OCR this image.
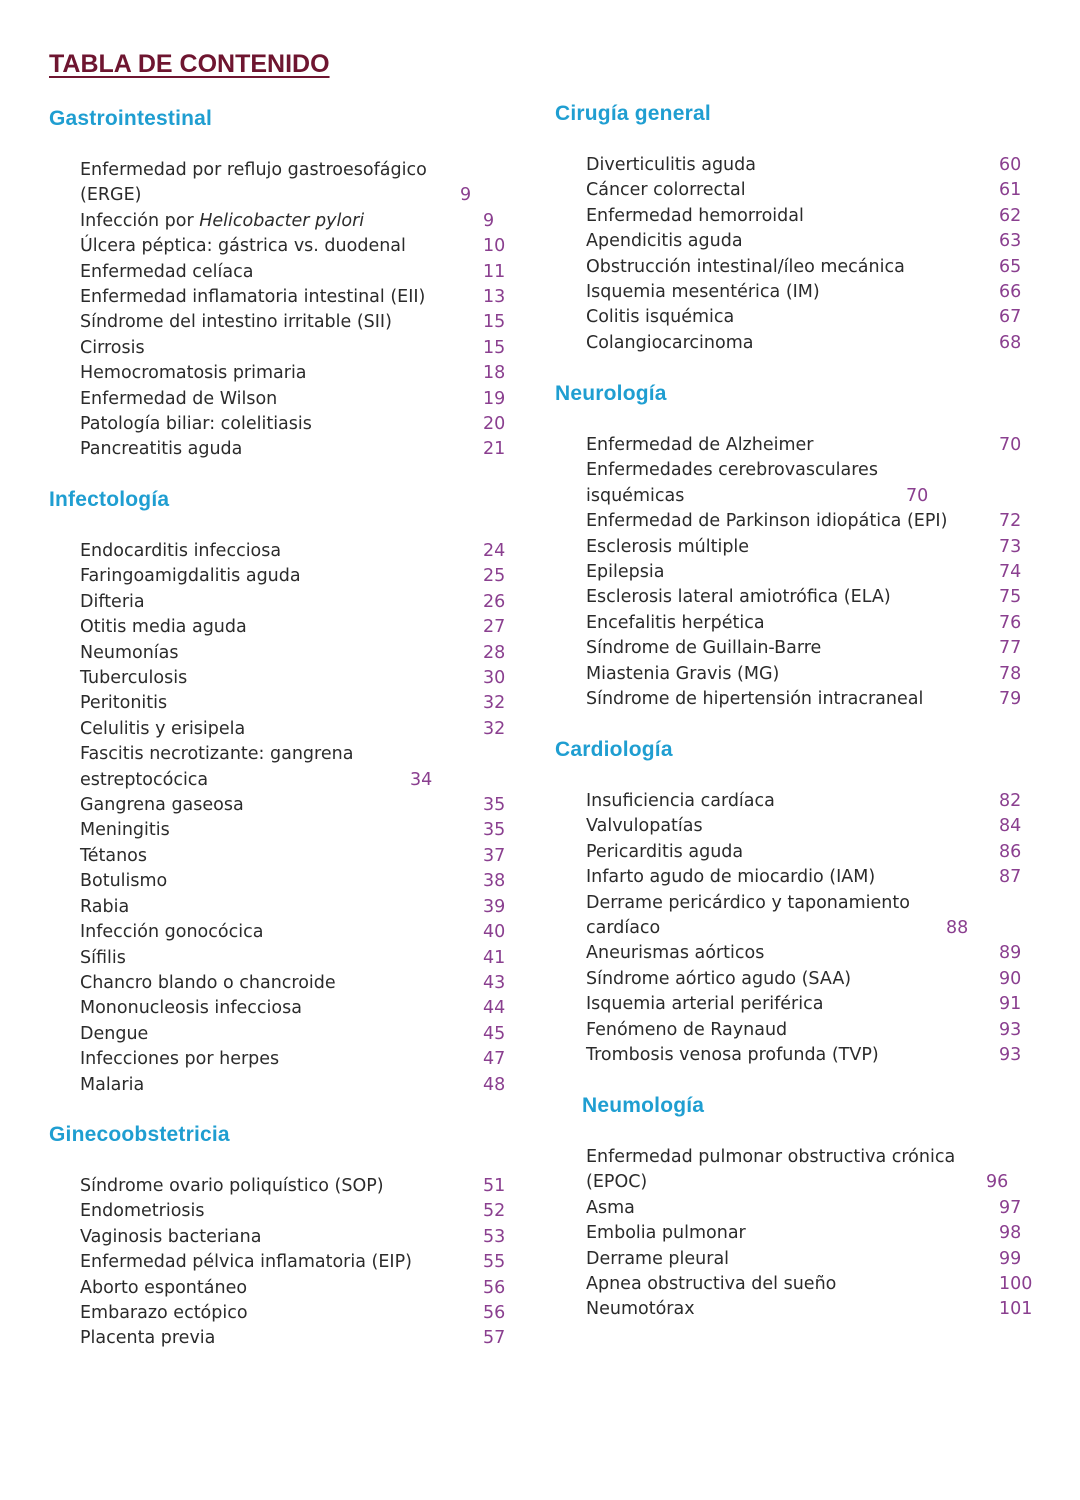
TABLA DE CONTENIDO
Gastrointestinal
Enfermedad por reflujo gastroesofágico (ERGE)	9
Infección por Helicobacter pylori	9
Úlcera péptica: gástrica vs. duodenal	10
Enfermedad celíaca	11
Enfermedad inflamatoria intestinal (EII)	13
Síndrome del intestino irritable (SII)	15
Cirrosis	15
Hemocromatosis primaria	18
Enfermedad de Wilson	19
Patología biliar: colelitiasis	20
Pancreatitis aguda	21
Infectología
Endocarditis infecciosa	24
Faringoamigdalitis aguda	25
Difteria	26
Otitis media aguda	27
Neumonías	28
Tuberculosis	30
Peritonitis	32
Celulitis y erisipela	32
Fascitis necrotizante: gangrena estreptocócica	34
Gangrena gaseosa	35
Meningitis	35
Tétanos	37
Botulismo	38
Rabia	39
Infección gonocócica	40
Sífilis	41
Chancro blando o chancroide	43
Mononucleosis infecciosa	44
Dengue	45
Infecciones por herpes	47
Malaria	48
Ginecoobstetricia
Síndrome ovario poliquístico (SOP)	51
Endometriosis	52
Vaginosis bacteriana	53
Enfermedad pélvica inflamatoria (EIP)	55
Aborto espontáneo	56
Embarazo ectópico	56
Placenta previa	57
Cirugía general
Diverticulitis aguda	60
Cáncer colorrectal	61
Enfermedad hemorroidal	62
Apendicitis aguda	63
Obstrucción intestinal/íleo mecánica	65
Isquemia mesentérica (IM)	66
Colitis isquémica	67
Colangiocarcinoma	68
Neurología
Enfermedad de Alzheimer	70
Enfermedades cerebrovasculares isquémicas	70
Enfermedad de Parkinson idiopática (EPI)	72
Esclerosis múltiple	73
Epilepsia	74
Esclerosis lateral amiotrófica (ELA)	75
Encefalitis herpética	76
Síndrome de Guillain-Barre	77
Miastenia Gravis (MG)	78
Síndrome de hipertensión intracraneal	79
Cardiología
Insuficiencia cardíaca	82
Valvulopatías	84
Pericarditis aguda	86
Infarto agudo de miocardio (IAM)	87
Derrame pericárdico y taponamiento cardíaco	88
Aneurismas aórticos	89
Síndrome aórtico agudo (SAA)	90
Isquemia arterial periférica	91
Fenómeno de Raynaud	93
Trombosis venosa profunda (TVP)	93
Neumología
Enfermedad pulmonar obstructiva crónica (EPOC)	96
Asma	97
Embolia pulmonar	98
Derrame pleural	99
Apnea obstructiva del sueño	100
Neumotórax	101
